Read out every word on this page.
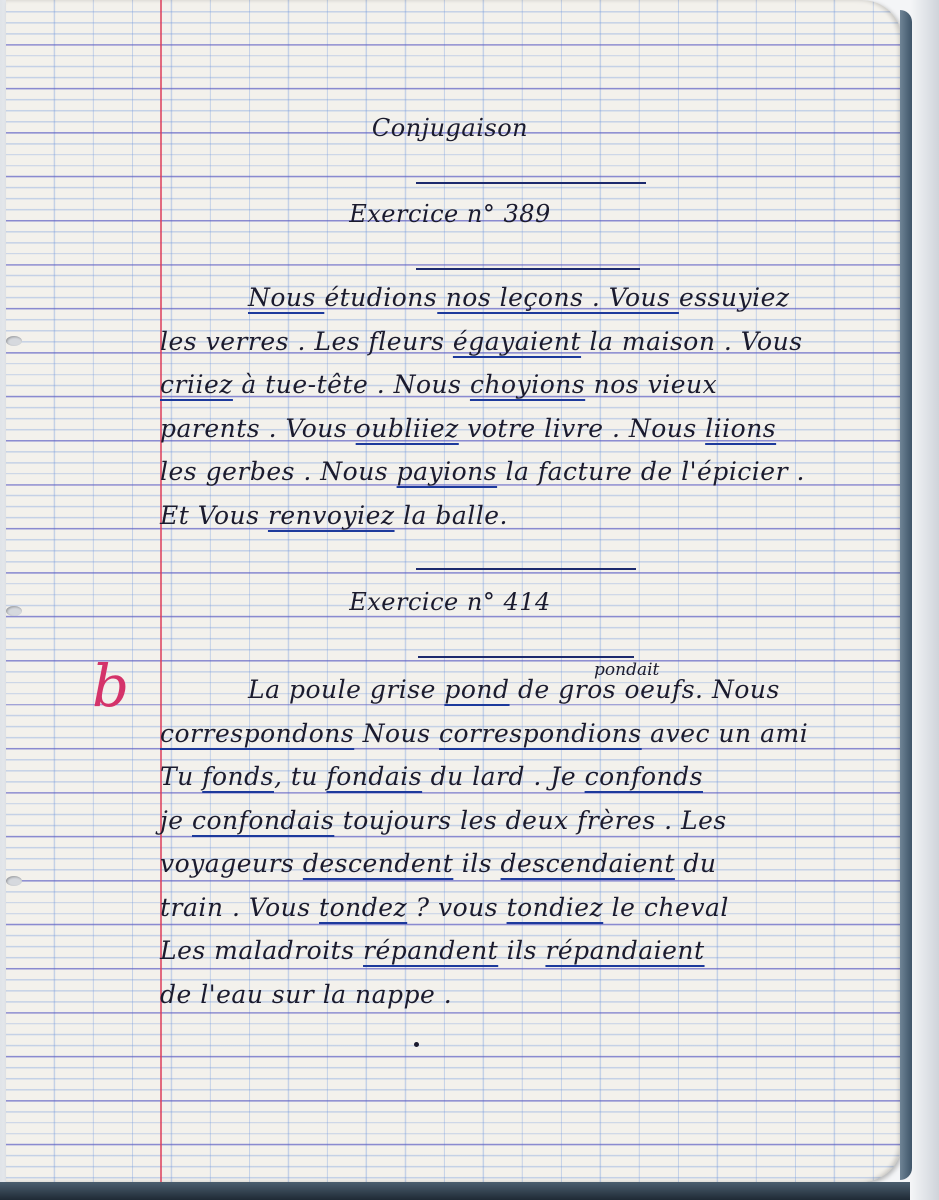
Conjugaison
Exercice n° 389
Nous étudions nos leçons . Vous essuyiez
les verres . Les fleurs égayaient la maison . Vous
criiez à tue-tête . Nous choyions nos vieux
parents . Vous oubliiez votre livre . Nous liions
les gerbes . Nous payions la facture de l'épicier .
Et Vous renvoyiez la balle.
Exercice n° 414
b	pondait
La poule grise pond de gros oeufs. Nous
correspondons Nous correspondions avec un ami
Tu fonds, tu fondais du lard . Je confonds
je confondais toujours les deux frères . Les
voyageurs descendent ils descendaient du
train . Vous tondez ? vous tondiez le cheval
Les maladroits répandent ils répandaient
de l'eau sur la nappe .
